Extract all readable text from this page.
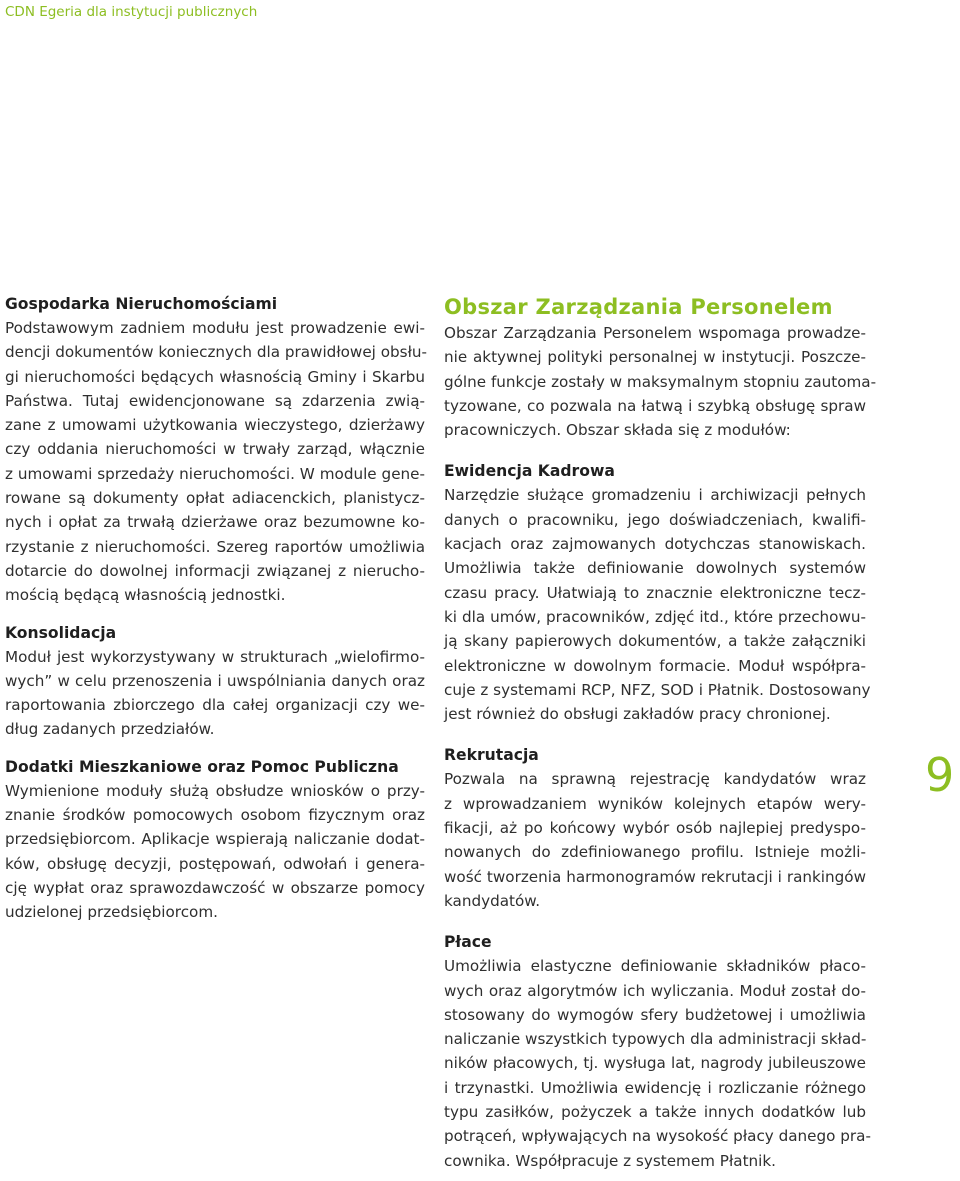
CDN Egeria dla instytucji publicznych
Gospodarka Nieruchomościami
Podstawowym zadniem modułu jest prowadzenie ewi-
dencji dokumentów koniecznych dla prawidłowej obsłu-
gi nieruchomości będących własnością Gminy i Skarbu
Państwa. Tutaj ewidencjonowane są zdarzenia zwią-
zane z umowami użytkowania wieczystego, dzierżawy
czy oddania nieruchomości w trwały zarząd, włącznie
z umowami sprzedaży nieruchomości. W module gene-
rowane są dokumenty opłat adiacenckich, planistycz-
nych i opłat za trwałą dzierżawe oraz bezumowne ko-
rzystanie z nieruchomości. Szereg raportów umożliwia
dotarcie do dowolnej informacji związanej z nierucho-
mością będącą własnością jednostki.
Konsolidacja
Moduł jest wykorzystywany w strukturach „wielofirmo-
wych” w celu przenoszenia i uwspólniania danych oraz
raportowania zbiorczego dla całej organizacji czy we-
dług zadanych przedziałów.
Dodatki Mieszkaniowe oraz Pomoc Publiczna
Wymienione moduły służą obsłudze wniosków o przy-
znanie środków pomocowych osobom fizycznym oraz
przedsiębiorcom. Aplikacje wspierają naliczanie dodat-
ków, obsługę decyzji, postępowań, odwołań i genera-
cję wypłat oraz sprawozdawczość w obszarze pomocy
udzielonej przedsiębiorcom.
Obszar Zarządzania Personelem
Obszar Zarządzania Personelem wspomaga prowadze-
nie aktywnej polityki personalnej w instytucji. Poszcze-
gólne funkcje zostały w maksymalnym stopniu zautoma-
tyzowane, co pozwala na łatwą i szybką obsługę spraw
pracowniczych. Obszar składa się z modułów:
Ewidencja Kadrowa
Narzędzie służące gromadzeniu i archiwizacji pełnych
danych o pracowniku, jego doświadczeniach, kwalifi-
kacjach oraz zajmowanych dotychczas stanowiskach.
Umożliwia także definiowanie dowolnych systemów
czasu pracy. Ułatwiają to znacznie elektroniczne tecz-
ki dla umów, pracowników, zdjęć itd., które przechowu-
ją skany papierowych dokumentów, a także załączniki
elektroniczne w dowolnym formacie. Moduł współpra-
cuje z systemami RCP, NFZ, SOD i Płatnik. Dostosowany
jest również do obsługi zakładów pracy chronionej.
Rekrutacja
Pozwala na sprawną rejestrację kandydatów wraz
z wprowadzaniem wyników kolejnych etapów wery-
fikacji, aż po końcowy wybór osób najlepiej predyspo-
nowanych do zdefiniowanego profilu. Istnieje możli-
wość tworzenia harmonogramów rekrutacji i rankingów
kandydatów.
Płace
Umożliwia elastyczne definiowanie składników płaco-
wych oraz algorytmów ich wyliczania. Moduł został do-
stosowany do wymogów sfery budżetowej i umożliwia
naliczanie wszystkich typowych dla administracji skład-
ników płacowych, tj. wysługa lat, nagrody jubileuszowe
i trzynastki. Umożliwia ewidencję i rozliczanie różnego
typu zasiłków, pożyczek a także innych dodatków lub
potrąceń, wpływających na wysokość płacy danego pra-
cownika. Współpracuje z systemem Płatnik.
9
